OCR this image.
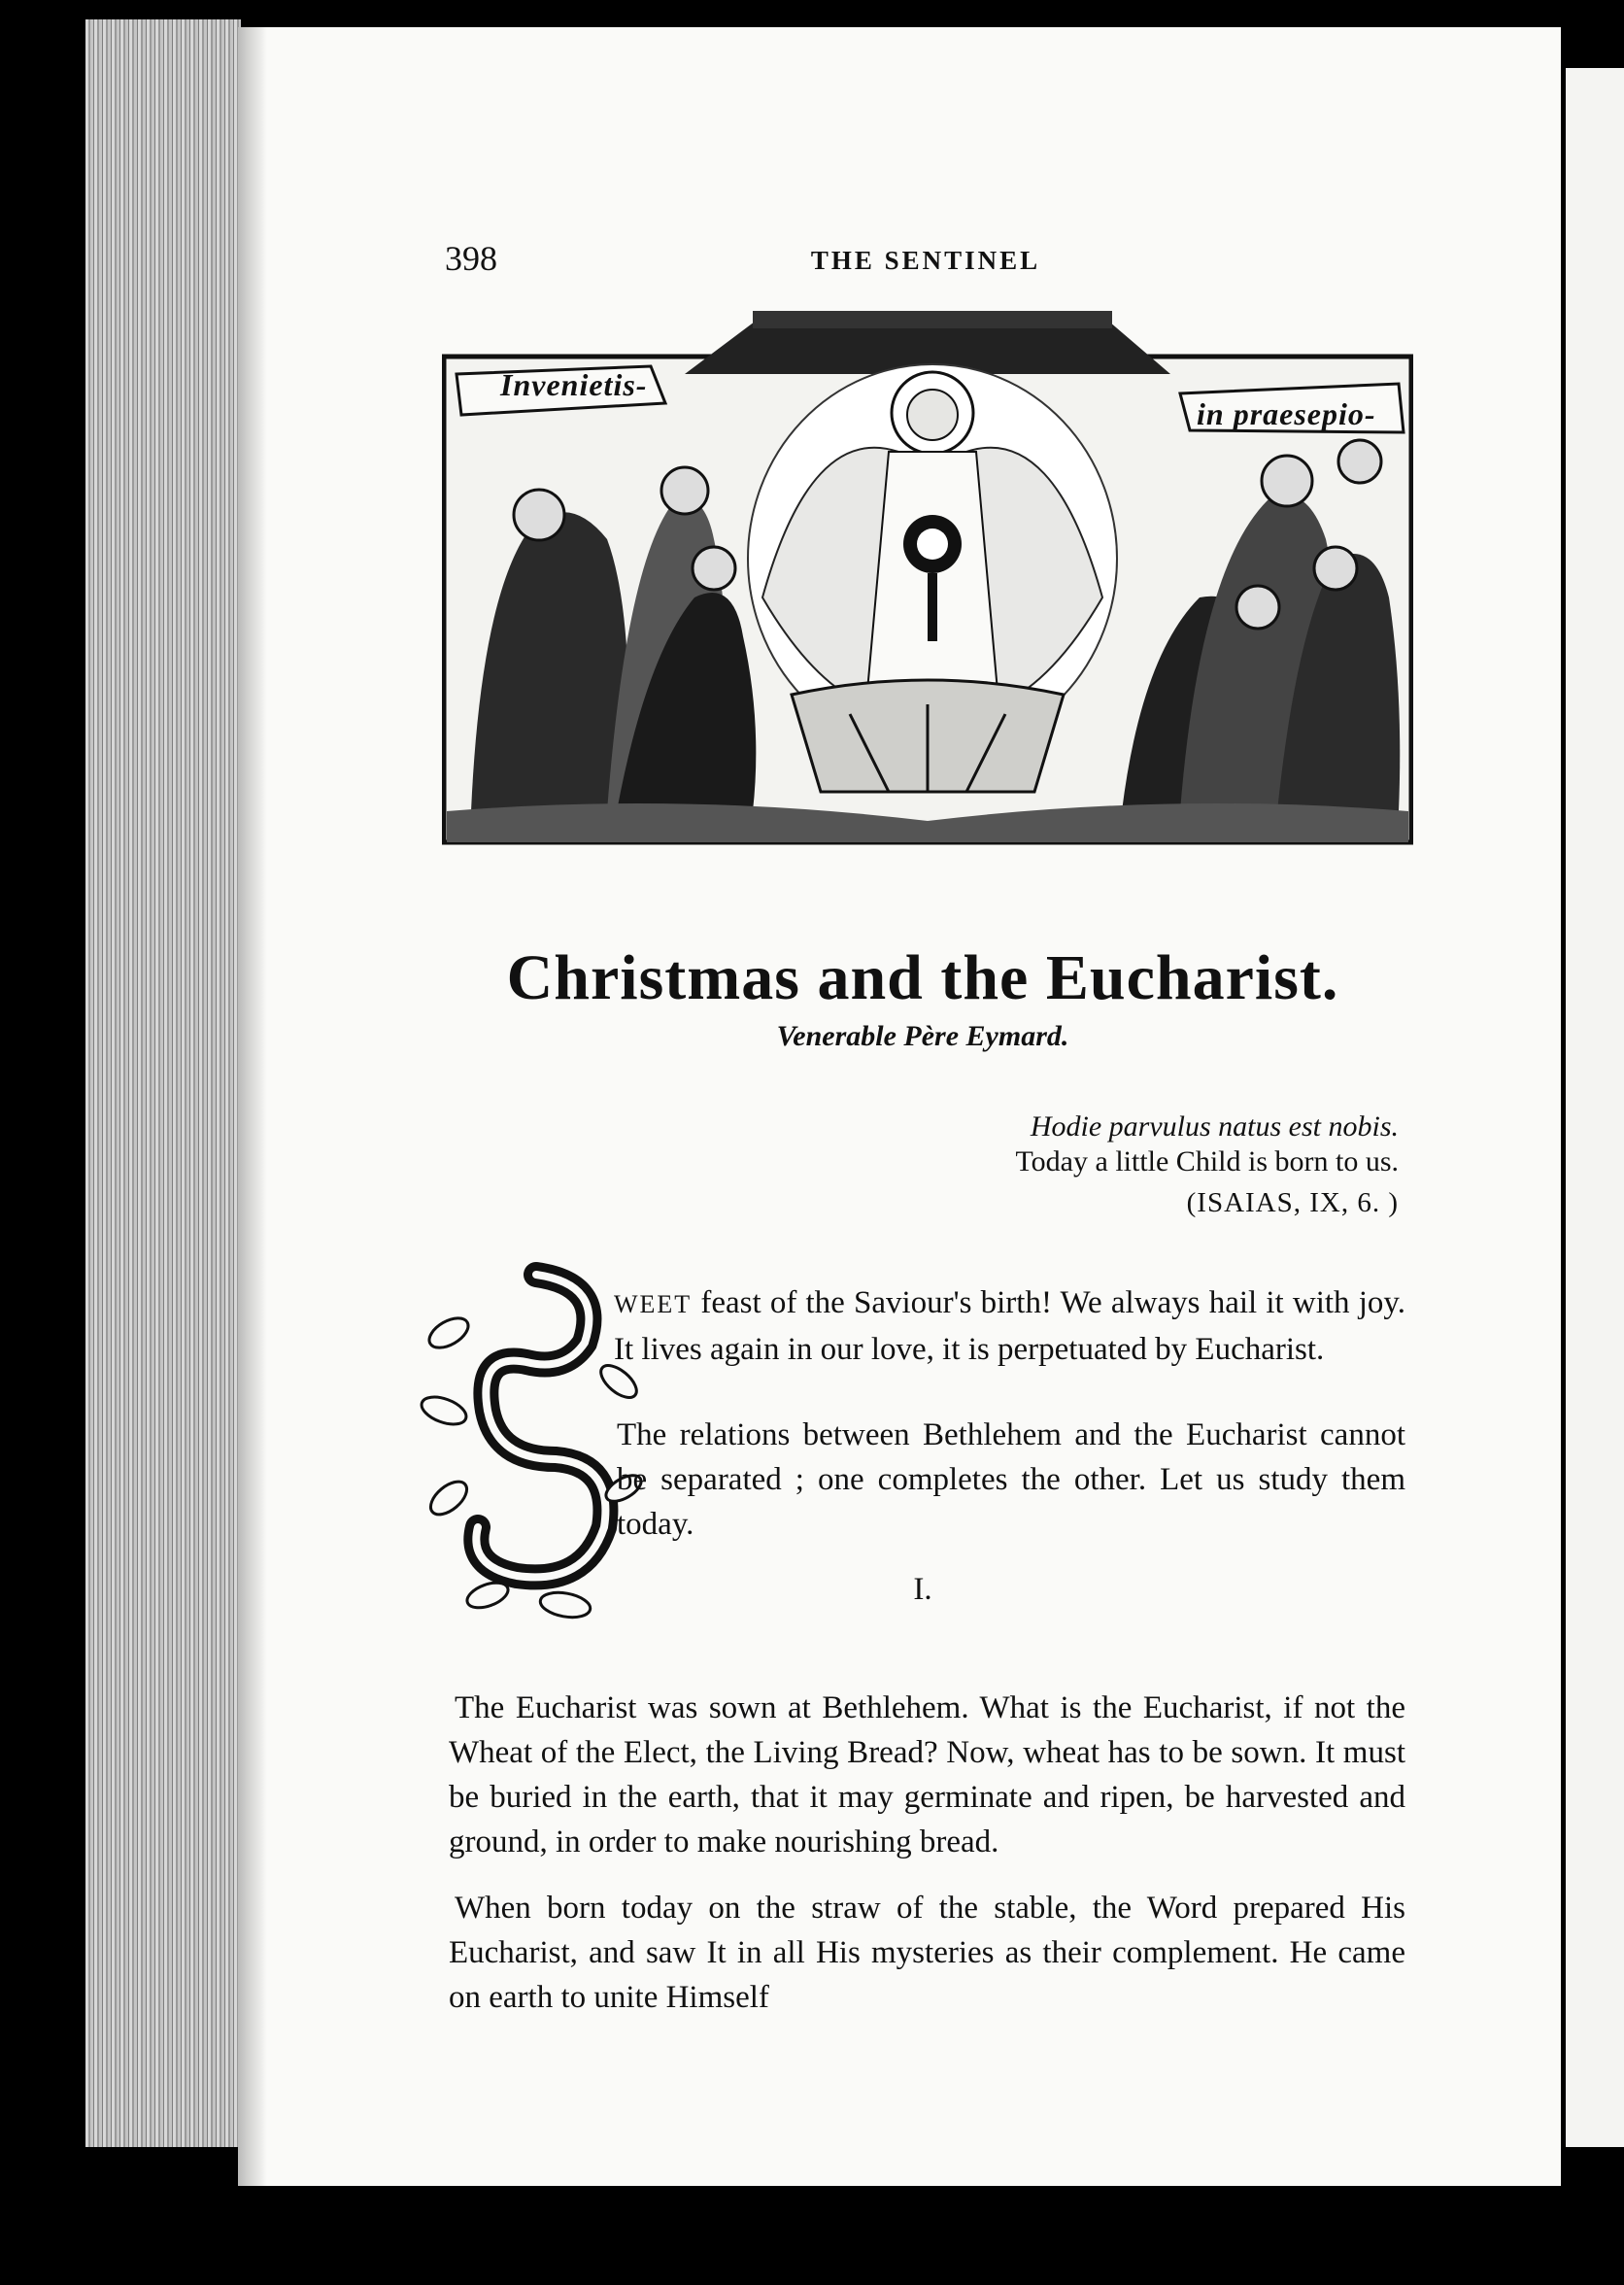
398	THE SENTINEL
Invenietis-
in praesepio-
Christmas and the Eucharist.
Venerable Père Eymard.
Hodie parvulus natus est nobis.
Today a little Child is born to us.
(ISAIAS, IX, 6. )
WEET feast of the Saviour's birth! We always hail it with joy. It lives again in our love, it is perpetuated by Eucharist.
The relations between Bethlehem and the Eucharist cannot be separated ; one completes the other. Let us study them today.
I.

The Eucharist was sown at Bethlehem. What is the Eucharist, if not the Wheat of the Elect, the Living Bread? Now, wheat has to be sown. It must be buried in the earth, that it may germinate and ripen, be harvested and ground, in order to make nourishing bread.

When born today on the straw of the stable, the Word prepared His Eucharist, and saw It in all His mysteries as their complement. He came on earth to unite Himself
